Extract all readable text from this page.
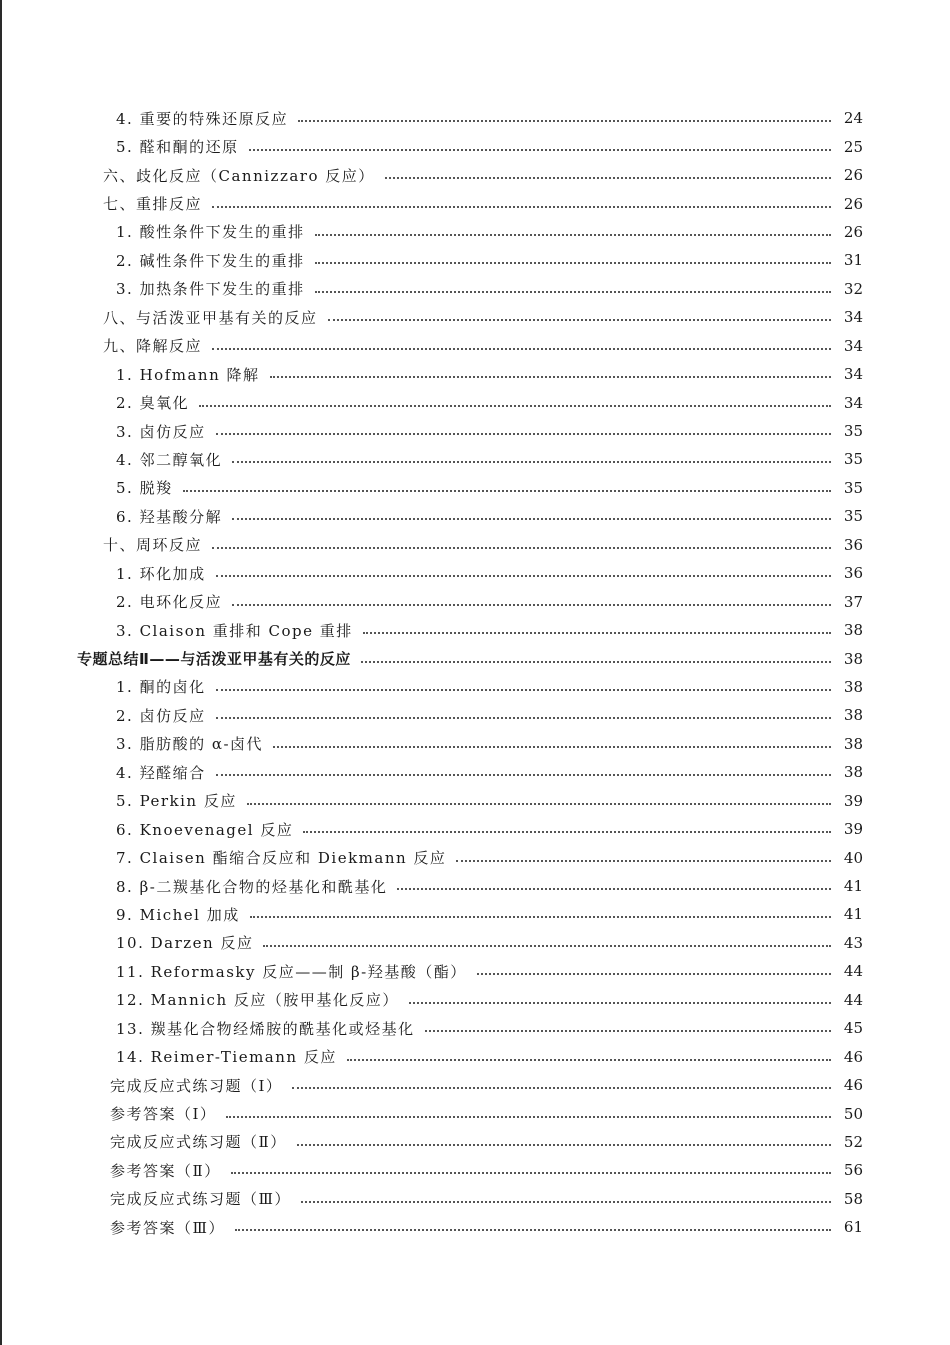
4. 重要的特殊还原反应	24
5. 醛和酮的还原	25
六、歧化反应（Cannizzaro 反应）	26
七、重排反应	26
1. 酸性条件下发生的重排	26
2. 碱性条件下发生的重排	31
3. 加热条件下发生的重排	32
八、与活泼亚甲基有关的反应	34
九、降解反应	34
1. Hofmann 降解	34
2. 臭氧化	34
3. 卤仿反应	35
4. 邻二醇氧化	35
5. 脱羧	35
6. 羟基酸分解	35
十、周环反应	36
1. 环化加成	36
2. 电环化反应	37
3. Claison 重排和 Cope 重排	38
专题总结Ⅱ——与活泼亚甲基有关的反应	38
1. 酮的卤化	38
2. 卤仿反应	38
3. 脂肪酸的 α-卤代	38
4. 羟醛缩合	38
5. Perkin 反应	39
6. Knoevenagel 反应	39
7. Claisen 酯缩合反应和 Diekmann 反应	40
8. β-二羰基化合物的烃基化和酰基化	41
9. Michel 加成	41
10. Darzen 反应	43
11. Reformasky 反应——制 β-羟基酸（酯）	44
12. Mannich 反应（胺甲基化反应）	44
13. 羰基化合物经烯胺的酰基化或烃基化	45
14. Reimer-Tiemann 反应	46
完成反应式练习题（Ⅰ）	46
参考答案（Ⅰ）	50
完成反应式练习题（Ⅱ）	52
参考答案（Ⅱ）	56
完成反应式练习题（Ⅲ）	58
参考答案（Ⅲ）	61
